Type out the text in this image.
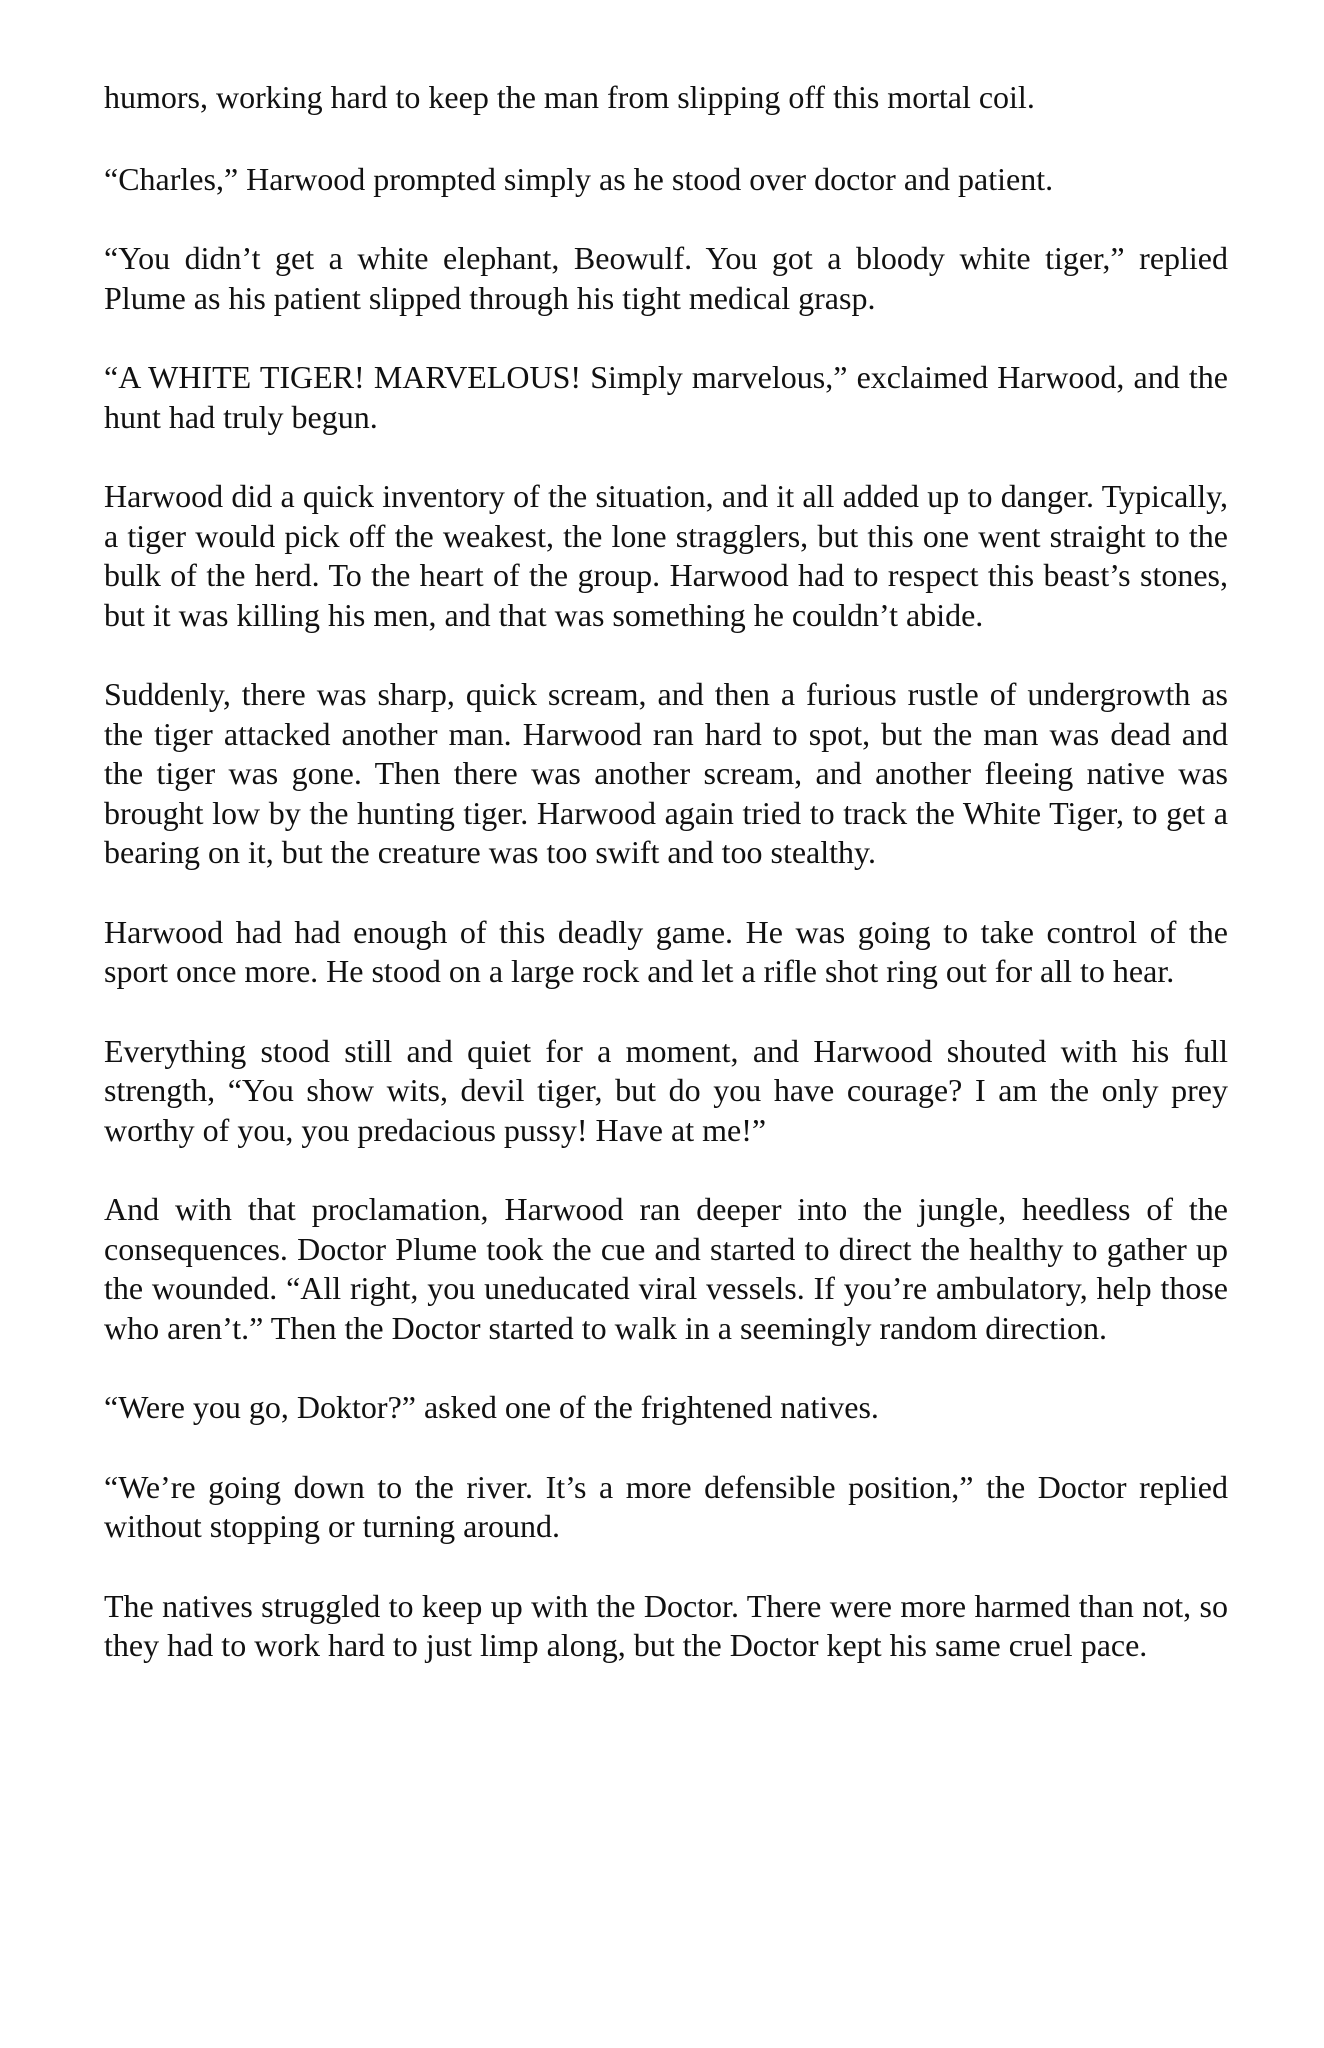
humors, working hard to keep the man from slipping off this mortal coil.

“Charles,” Harwood prompted simply as he stood over doctor and patient.

“You didn’t get a white elephant, Beowulf. You got a bloody white tiger,” replied Plume as his patient slipped through his tight medical grasp.

“A WHITE TIGER! MARVELOUS! Simply marvelous,” exclaimed Harwood, and the hunt had truly begun.

Harwood did a quick inventory of the situation, and it all added up to danger. Typically, a tiger would pick off the weakest, the lone stragglers, but this one went straight to the bulk of the herd. To the heart of the group. Harwood had to respect this beast’s stones, but it was killing his men, and that was something he couldn’t abide.

Suddenly, there was sharp, quick scream, and then a furious rustle of undergrowth as the tiger attacked another man. Harwood ran hard to spot, but the man was dead and the tiger was gone. Then there was another scream, and another fleeing native was brought low by the hunting tiger. Harwood again tried to track the White Tiger, to get a bearing on it, but the creature was too swift and too stealthy.

Harwood had had enough of this deadly game. He was going to take control of the sport once more. He stood on a large rock and let a rifle shot ring out for all to hear.

Everything stood still and quiet for a moment, and Harwood shouted with his full strength, “You show wits, devil tiger, but do you have courage? I am the only prey worthy of you, you predacious pussy! Have at me!”

And with that proclamation, Harwood ran deeper into the jungle, heedless of the consequences. Doctor Plume took the cue and started to direct the healthy to gather up the wounded. “All right, you uneducated viral vessels. If you’re ambulatory, help those who aren’t.” Then the Doctor started to walk in a seemingly random direction.

“Were you go, Doktor?” asked one of the frightened natives.

“We’re going down to the river. It’s a more defensible position,” the Doctor replied without stopping or turning around.

The natives struggled to keep up with the Doctor. There were more harmed than not, so they had to work hard to just limp along, but the Doctor kept his same cruel pace.
